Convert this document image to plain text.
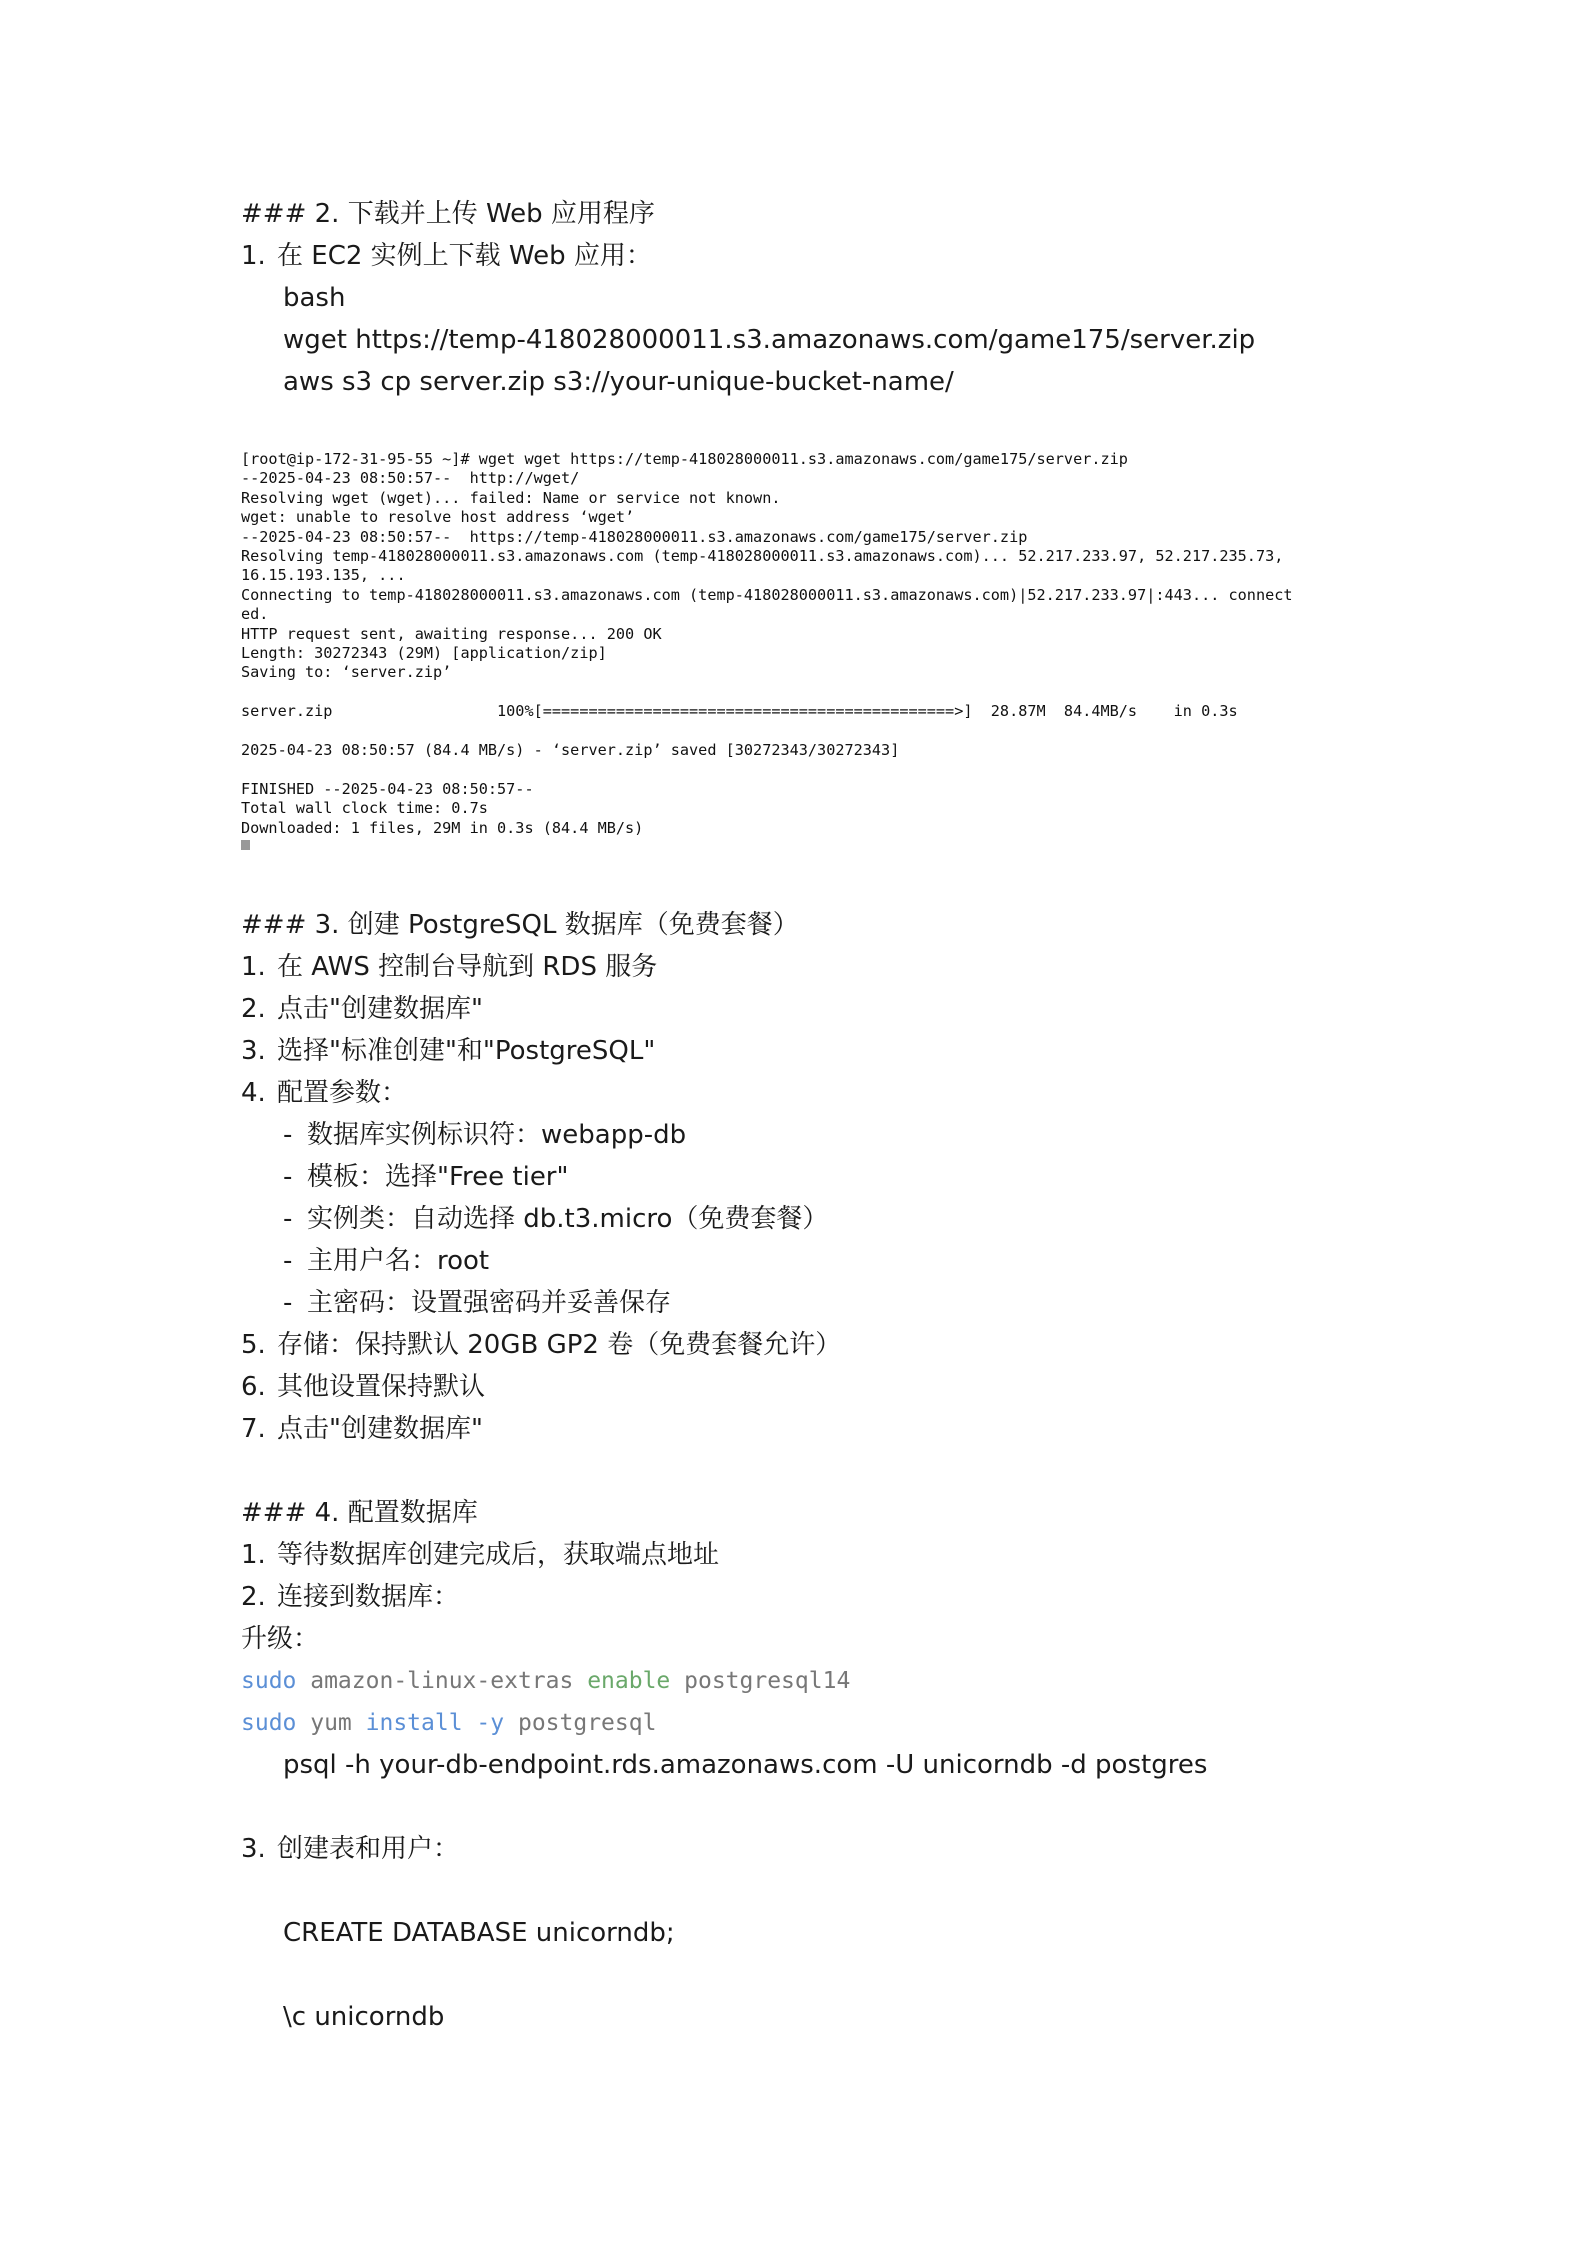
### 2. 下载并上传 Web 应用程序
1. 在 EC2 实例上下载 Web 应用：
bash
wget https://temp-418028000011.s3.amazonaws.com/game175/server.zip
aws s3 cp server.zip s3://your-unique-bucket-name/
[root@ip-172-31-95-55 ~]# wget wget https://temp-418028000011.s3.amazonaws.com/game175/server.zip
--2025-04-23 08:50:57--  http://wget/
Resolving wget (wget)... failed: Name or service not known.
wget: unable to resolve host address ‘wget’
--2025-04-23 08:50:57--  https://temp-418028000011.s3.amazonaws.com/game175/server.zip
Resolving temp-418028000011.s3.amazonaws.com (temp-418028000011.s3.amazonaws.com)... 52.217.233.97, 52.217.235.73,
16.15.193.135, ...
Connecting to temp-418028000011.s3.amazonaws.com (temp-418028000011.s3.amazonaws.com)|52.217.233.97|:443... connect
ed.
HTTP request sent, awaiting response... 200 OK
Length: 30272343 (29M) [application/zip]
Saving to: ‘server.zip’

server.zip                  100%[=============================================>]  28.87M  84.4MB/s    in 0.3s

2025-04-23 08:50:57 (84.4 MB/s) - ‘server.zip’ saved [30272343/30272343]

FINISHED --2025-04-23 08:50:57--
Total wall clock time: 0.7s
Downloaded: 1 files, 29M in 0.3s (84.4 MB/s)

### 3. 创建 PostgreSQL 数据库（免费套餐）
1. 在 AWS 控制台导航到 RDS 服务
2. 点击"创建数据库"
3. 选择"标准创建"和"PostgreSQL"
4. 配置参数：
- 数据库实例标识符：webapp-db
- 模板：选择"Free tier"
- 实例类：自动选择 db.t3.micro（免费套餐）
- 主用户名：root
- 主密码：设置强密码并妥善保存
5. 存储：保持默认 20GB GP2 卷（免费套餐允许）
6. 其他设置保持默认
7. 点击"创建数据库"
### 4. 配置数据库
1. 等待数据库创建完成后，获取端点地址
2. 连接到数据库：
升级：
sudo amazon-linux-extras enable postgresql14
sudo yum install -y postgresql
psql -h your-db-endpoint.rds.amazonaws.com -U unicorndb -d postgres
3. 创建表和用户：
CREATE DATABASE unicorndb;
\c unicorndb
